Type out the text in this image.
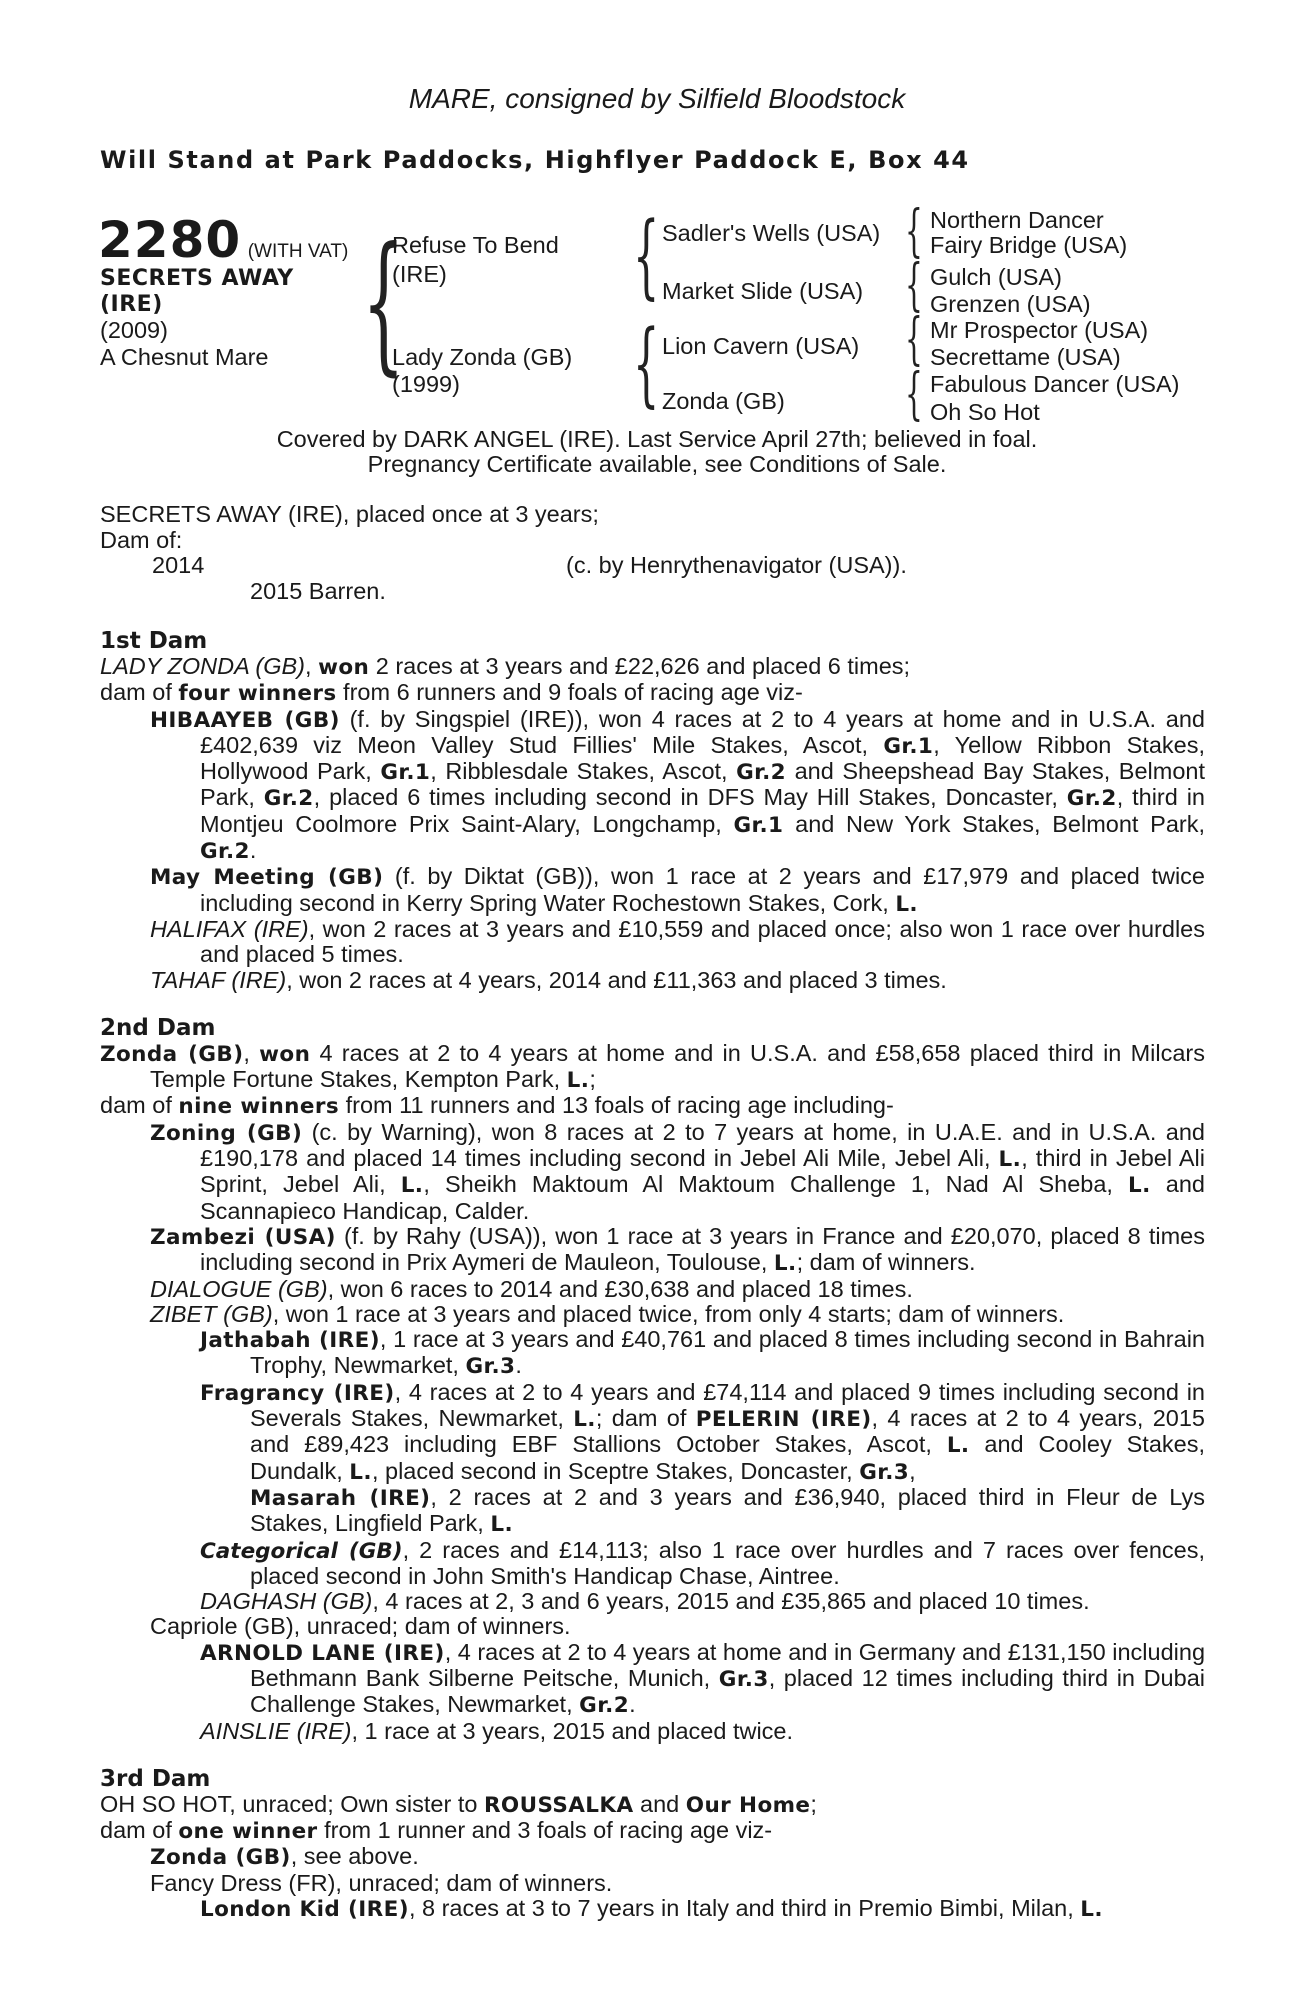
MARE, consigned by Silfield Bloodstock
Will Stand at Park Paddocks, Highflyer Paddock E, Box 44
2280 (WITH VAT)
SECRETS AWAY
(IRE)
(2009)
A Chesnut Mare {
Refuse To Bend
(IRE)
Lady Zonda (GB)
(1999)
{ Sadler's Wells (USA)
Market Slide (USA)
{ Lion Cavern (USA)
Zonda (GB)
{ Northern Dancer
Fairy Bridge (USA)
{ Gulch (USA)
Grenzen (USA)
{ Mr Prospector (USA)
Secrettame (USA)
{ Fabulous Dancer (USA)
Oh So Hot
Covered by DARK ANGEL (IRE). Last Service April 27th; believed in foal.
Pregnancy Certificate available, see Conditions of Sale.
SECRETS AWAY (IRE), placed once at 3 years;
Dam of:
2014	(c. by Henrythenavigator (USA)).
2015 Barren.

1st Dam

LADY ZONDA (GB), won 2 races at 3 years and £22,626 and placed 6 times;

dam of four winners from 6 runners and 9 foals of racing age viz-

HIBAAYEB (GB) (f. by Singspiel (IRE)), won 4 races at 2 to 4 years at home and in U.S.A. and £402,639 viz Meon Valley Stud Fillies' Mile Stakes, Ascot, Gr.1, Yellow Ribbon Stakes, Hollywood Park, Gr.1, Ribblesdale Stakes, Ascot, Gr.2 and Sheepshead Bay Stakes, Belmont Park, Gr.2, placed 6 times including second in DFS May Hill Stakes, Doncaster, Gr.2, third in Montjeu Coolmore Prix Saint-Alary, Longchamp, Gr.1 and New York Stakes, Belmont Park, Gr.2.

May Meeting (GB) (f. by Diktat (GB)), won 1 race at 2 years and £17,979 and placed twice including second in Kerry Spring Water Rochestown Stakes, Cork, L.

HALIFAX (IRE), won 2 races at 3 years and £10,559 and placed once; also won 1 race over hurdles and placed 5 times.

TAHAF (IRE), won 2 races at 4 years, 2014 and £11,363 and placed 3 times.

2nd Dam

Zonda (GB), won 4 races at 2 to 4 years at home and in U.S.A. and £58,658 placed third in Milcars Temple Fortune Stakes, Kempton Park, L.;

dam of nine winners from 11 runners and 13 foals of racing age including-

Zoning (GB) (c. by Warning), won 8 races at 2 to 7 years at home, in U.A.E. and in U.S.A. and £190,178 and placed 14 times including second in Jebel Ali Mile, Jebel Ali, L., third in Jebel Ali Sprint, Jebel Ali, L., Sheikh Maktoum Al Maktoum Challenge 1, Nad Al Sheba, L. and Scannapieco Handicap, Calder.

Zambezi (USA) (f. by Rahy (USA)), won 1 race at 3 years in France and £20,070, placed 8 times including second in Prix Aymeri de Mauleon, Toulouse, L.; dam of winners.

DIALOGUE (GB), won 6 races to 2014 and £30,638 and placed 18 times.

ZIBET (GB), won 1 race at 3 years and placed twice, from only 4 starts; dam of winners.

Jathabah (IRE), 1 race at 3 years and £40,761 and placed 8 times including second in Bahrain Trophy, Newmarket, Gr.3.

Fragrancy (IRE), 4 races at 2 to 4 years and £74,114 and placed 9 times including second in Severals Stakes, Newmarket, L.; dam of PELERIN (IRE), 4 races at 2 to 4 years, 2015 and £89,423 including EBF Stallions October Stakes, Ascot, L. and Cooley Stakes, Dundalk, L., placed second in Sceptre Stakes, Doncaster, Gr.3,
Masarah (IRE), 2 races at 2 and 3 years and £36,940, placed third in Fleur de Lys Stakes, Lingfield Park, L.

Categorical (GB), 2 races and £14,113; also 1 race over hurdles and 7 races over fences, placed second in John Smith's Handicap Chase, Aintree.

DAGHASH (GB), 4 races at 2, 3 and 6 years, 2015 and £35,865 and placed 10 times.

Capriole (GB), unraced; dam of winners.

ARNOLD LANE (IRE), 4 races at 2 to 4 years at home and in Germany and £131,150 including Bethmann Bank Silberne Peitsche, Munich, Gr.3, placed 12 times including third in Dubai Challenge Stakes, Newmarket, Gr.2.

AINSLIE (IRE), 1 race at 3 years, 2015 and placed twice.

3rd Dam

OH SO HOT, unraced; Own sister to ROUSSALKA and Our Home;

dam of one winner from 1 runner and 3 foals of racing age viz-

Zonda (GB), see above.

Fancy Dress (FR), unraced; dam of winners.

London Kid (IRE), 8 races at 3 to 7 years in Italy and third in Premio Bimbi, Milan, L.
